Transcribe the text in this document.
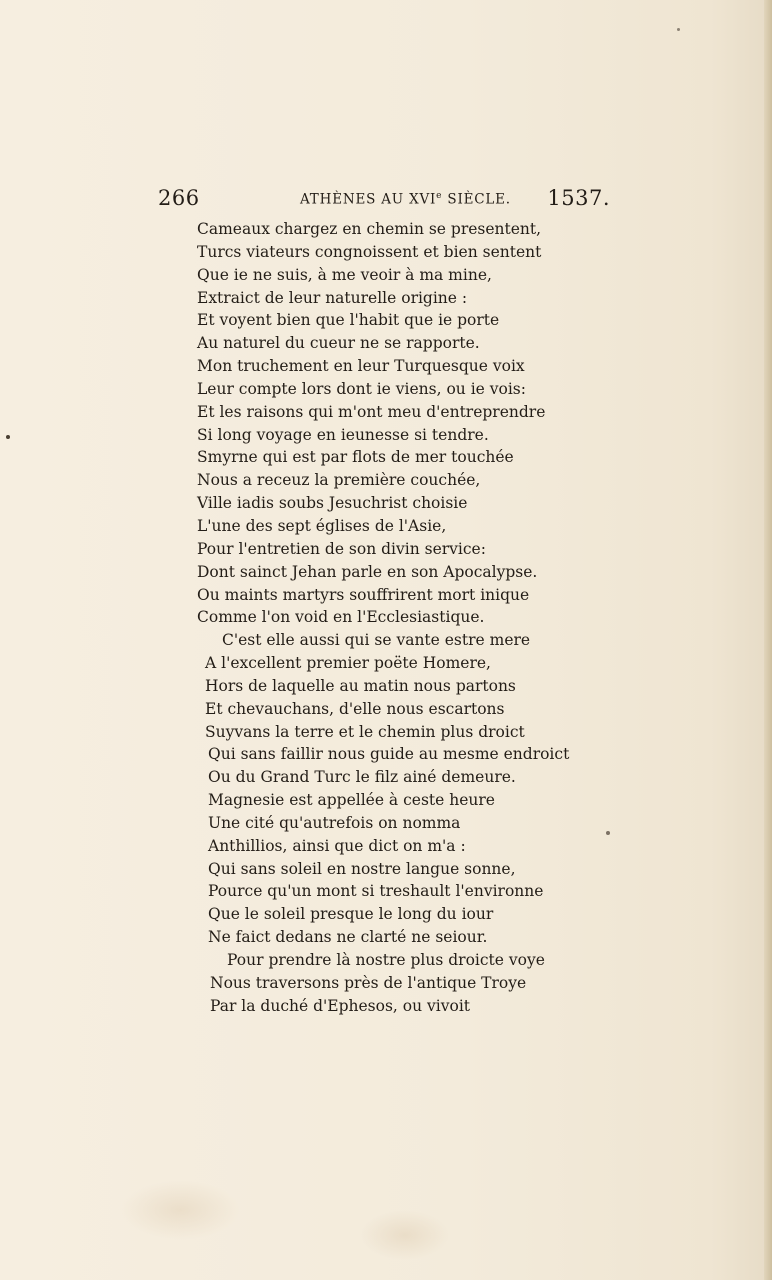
266	ATHÈNES AU XVIe SIÈCLE. 1537.
Cameaux chargez en chemin se presentent,
Turcs viateurs congnoissent et bien sentent
Que ie ne suis, à me veoir à ma mine,
Extraict de leur naturelle origine :
Et voyent bien que l'habit que ie porte
Au naturel du cueur ne se rapporte.
Mon truchement en leur Turquesque voix
Leur compte lors dont ie viens, ou ie vois:
Et les raisons qui m'ont meu d'entreprendre
Si long voyage en ieunesse si tendre.
Smyrne qui est par flots de mer touchée
Nous a receuz la première couchée,
Ville iadis soubs Jesuchrist choisie
L'une des sept églises de l'Asie,
Pour l'entretien de son divin service:
Dont sainct Jehan parle en son Apocalypse.
Ou maints martyrs souffrirent mort inique
Comme l'on void en l'Ecclesiastique.
C'est elle aussi qui se vante estre mere
A l'excellent premier poëte Homere,
Hors de laquelle au matin nous partons
Et chevauchans, d'elle nous escartons
Suyvans la terre et le chemin plus droict
Qui sans faillir nous guide au mesme endroict
Ou du Grand Turc le filz ainé demeure.
Magnesie est appellée à ceste heure
Une cité qu'autrefois on nomma
Anthillios, ainsi que dict on m'a :
Qui sans soleil en nostre langue sonne,
Pource qu'un mont si treshault l'environne
Que le soleil presque le long du iour
Ne faict dedans ne clarté ne seiour.
Pour prendre là nostre plus droicte voye
Nous traversons près de l'antique Troye
Par la duché d'Ephesos, ou vivoit
